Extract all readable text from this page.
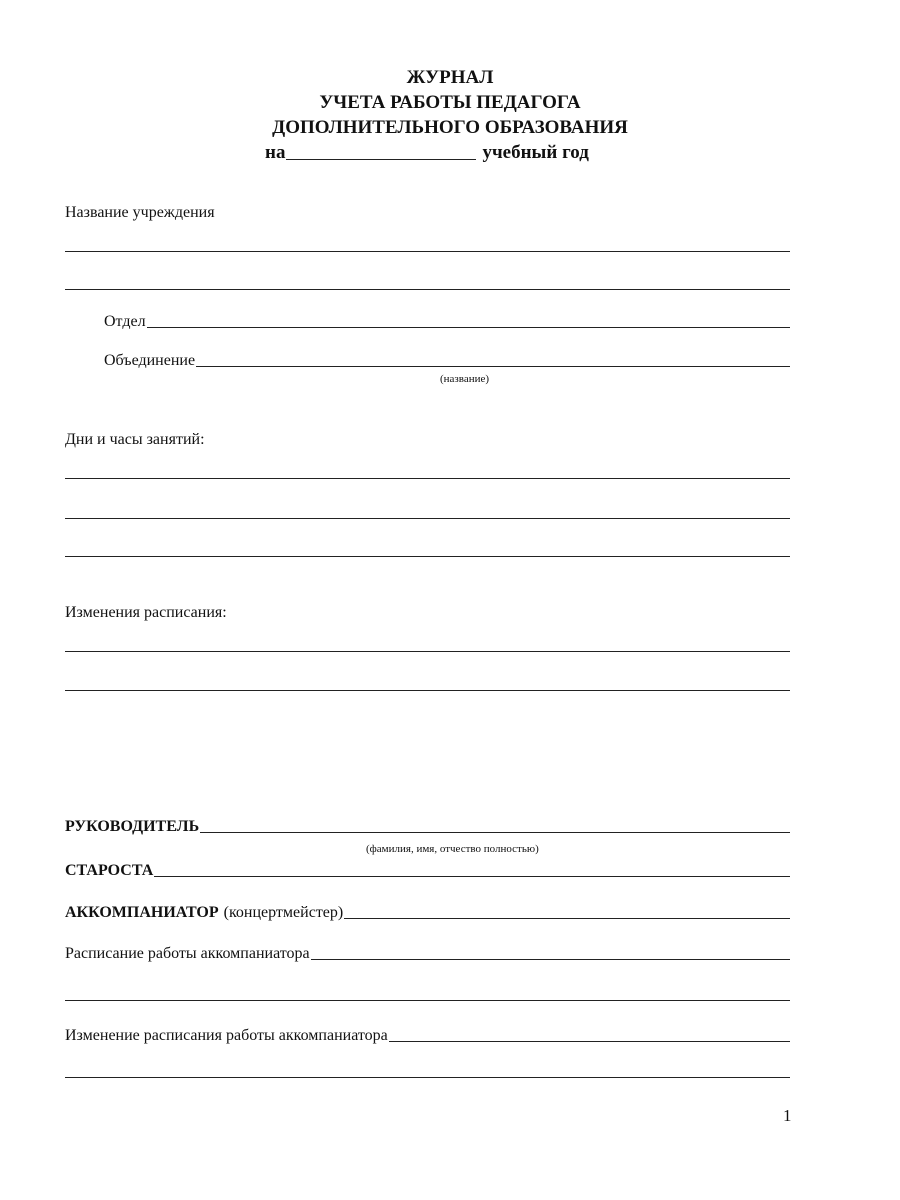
ЖУРНАЛ
УЧЕТА РАБОТЫ ПЕДАГОГА
ДОПОЛНИТЕЛЬНОГО ОБРАЗОВАНИЯ
на	учебный год
Название учреждения
Отдел
Объединение
(название)
Дни и часы занятий:
Изменения расписания:
РУКОВОДИТЕЛЬ
(фамилия, имя, отчество полностью)
СТАРОСТА
АККОМПАНИАТОР (концертмейстер)
Расписание работы аккомпаниатора
Изменение расписания работы аккомпаниатора
1
